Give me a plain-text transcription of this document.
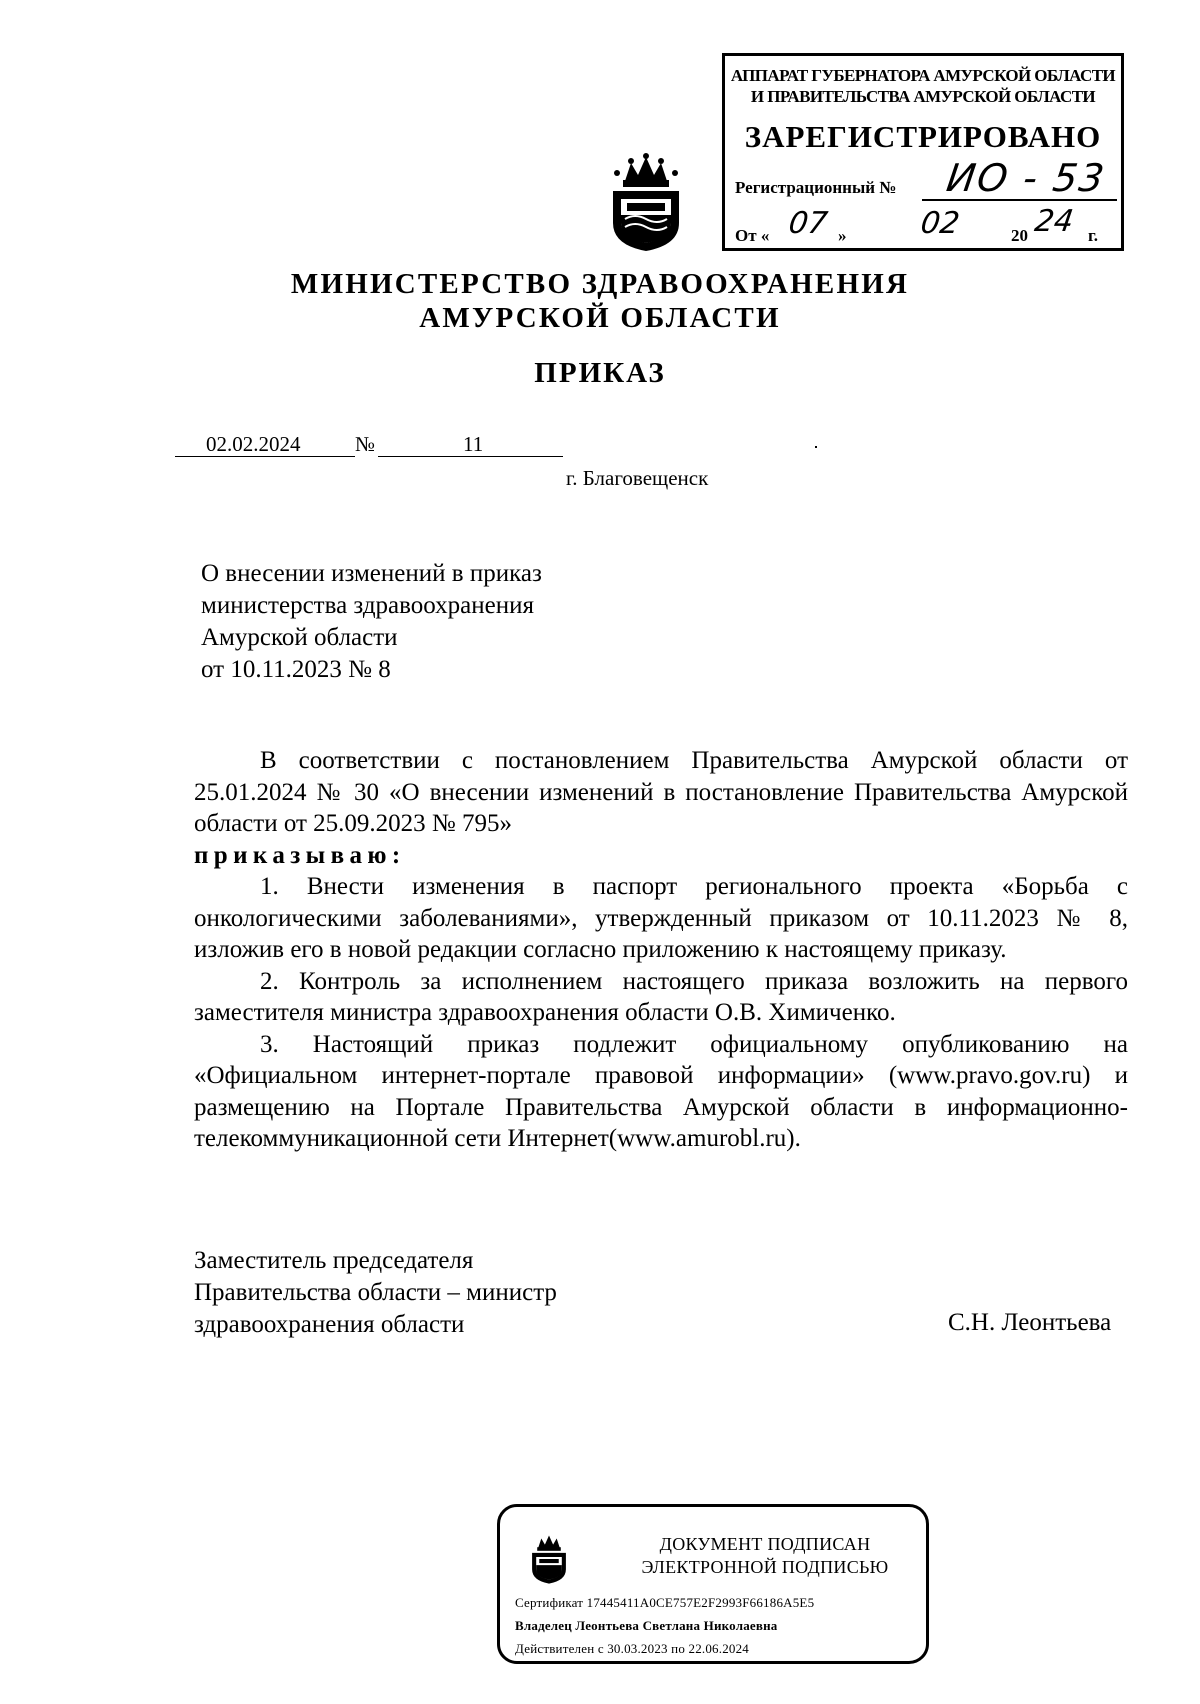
АППАРАТ ГУБЕРНАТОРА АМУРСКОЙ ОБЛАСТИ
И ПРАВИТЕЛЬСТВА АМУРСКОЙ ОБЛАСТИ
ЗАРЕГИСТРИРОВАНО
Регистрационный № ИО - 53
От « 07 » 02	20 24 г.
МИНИСТЕРСТВО ЗДРАВООХРАНЕНИЯ
АМУРСКОЙ ОБЛАСТИ
ПРИКАЗ
02.02.2024	№	11
г. Благовещенск
О внесении изменений в приказ
министерства здравоохранения
Амурской области
от 10.11.2023 № 8

В соответствии с постановлением Правительства Амурской области от 25.01.2024 № 30 «О внесении изменений в постановление Правительства Амурской области от 25.09.2023 № 795»

приказываю:

1. Внести изменения в паспорт регионального проекта «Борьба с онкологическими заболеваниями», утвержденный приказом от 10.11.2023 № 8, изложив его в новой редакции согласно приложению к настоящему приказу.

2. Контроль за исполнением настоящего приказа возложить на первого заместителя министра здравоохранения области О.В. Химиченко.

3. Настоящий приказ подлежит официальному опубликованию на «Официальном интернет-портале правовой информации» (www.pravo.gov.ru) и размещению на Портале Правительства Амурской области в информационно-телекоммуникационной сети Интернет(www.amurobl.ru).

Заместитель председателя
Правительства области – министр
здравоохранения области	С.Н. Леонтьева
ДОКУМЕНТ ПОДПИСАН
ЭЛЕКТРОННОЙ ПОДПИСЬЮ
Сертификат 17445411A0CE757E2F2993F66186A5E5
Владелец Леонтьева Светлана Николаевна
Действителен с 30.03.2023 по 22.06.2024
